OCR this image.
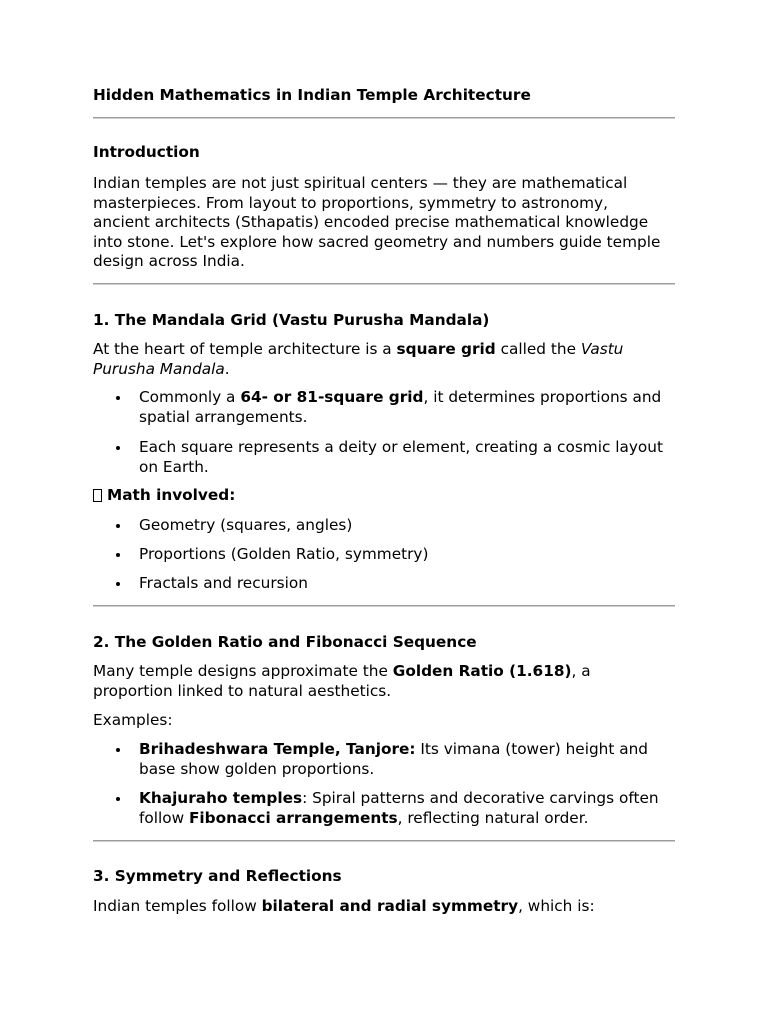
Hidden Mathematics in Indian Temple Architecture
Introduction
Indian temples are not just spiritual centers — they are mathematical
masterpieces. From layout to proportions, symmetry to astronomy,
ancient architects (Sthapatis) encoded precise mathematical knowledge
into stone. Let's explore how sacred geometry and numbers guide temple
design across India.
1. The Mandala Grid (Vastu Purusha Mandala)
At the heart of temple architecture is a square grid called the Vastu
Purusha Mandala.
Commonly a 64- or 81-square grid, it determines proportions and
spatial arrangements.
Each square represents a deity or element, creating a cosmic layout
on Earth.
Math involved:
Geometry (squares, angles)
Proportions (Golden Ratio, symmetry)
Fractals and recursion
2. The Golden Ratio and Fibonacci Sequence
Many temple designs approximate the Golden Ratio (1.618), a
proportion linked to natural aesthetics.
Examples:
Brihadeshwara Temple, Tanjore: Its vimana (tower) height and
base show golden proportions.
Khajuraho temples: Spiral patterns and decorative carvings often
follow Fibonacci arrangements, reflecting natural order.
3. Symmetry and Reflections
Indian temples follow bilateral and radial symmetry, which is:
